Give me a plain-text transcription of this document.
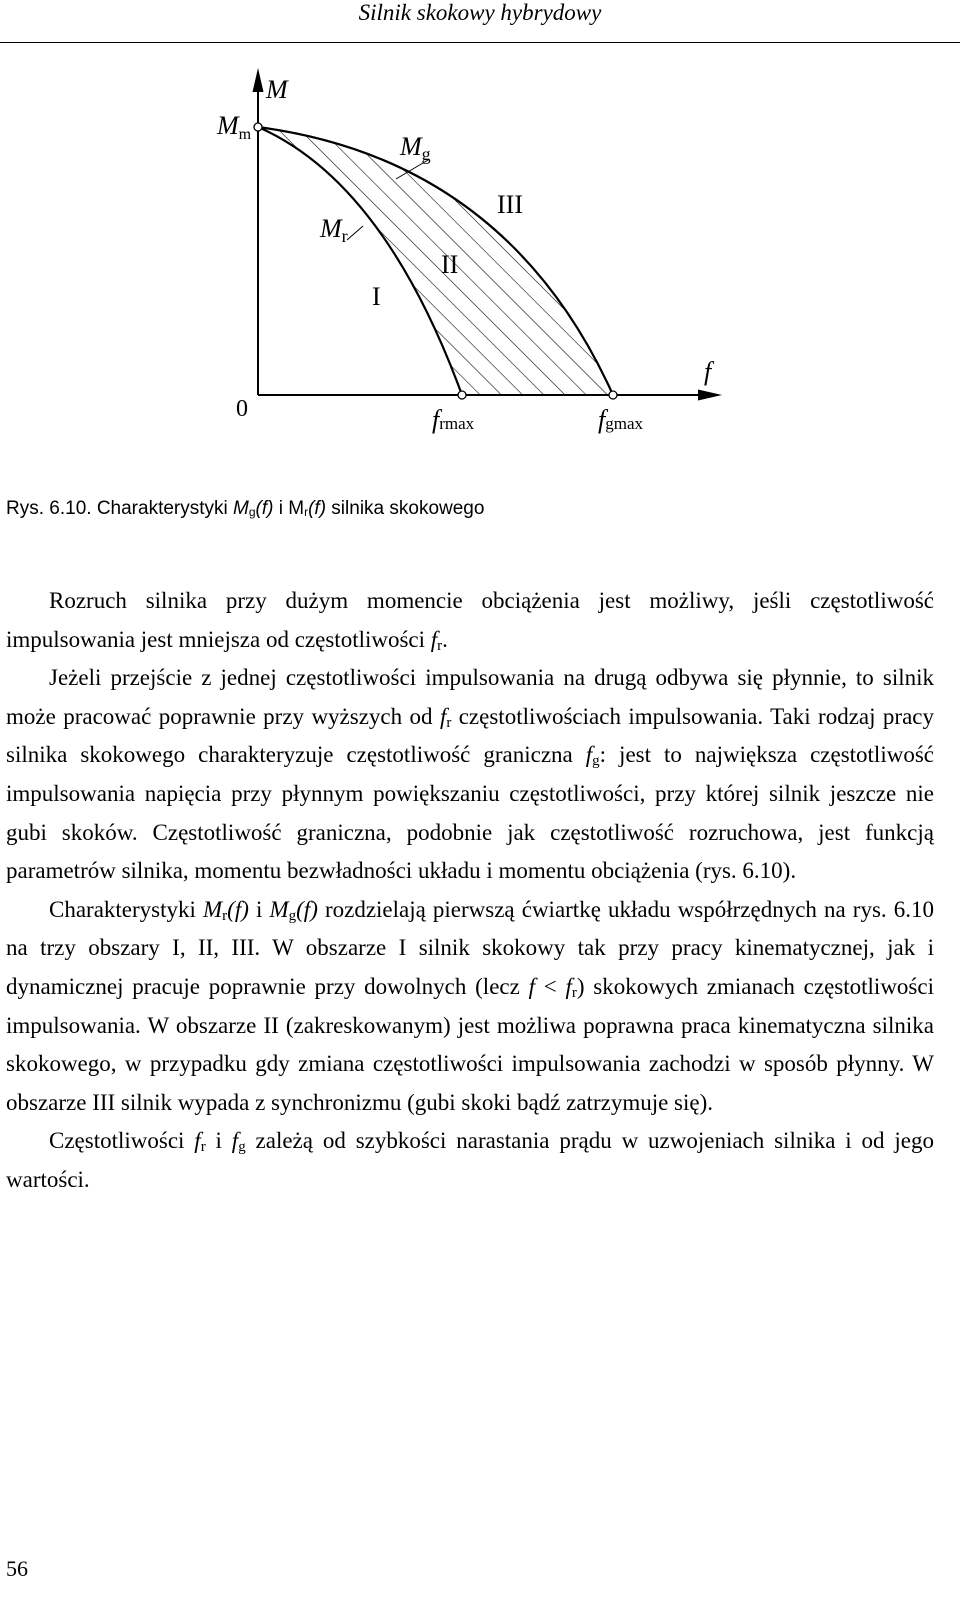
Silnik skokowy hybrydowy
M
f
0
Mm	Mg
Mr
I
II
III
frmax	fgmax
Rys. 6.10. Charakterystyki $M_g(f)$ i $M_r(f)$ silnika skokowego

Rozruch silnika przy dużym momencie obciążenia jest możliwy, jeśli częstotliwość impulsowania jest mniejsza od częstotliwości $f_r$.

Jeżeli przejście z jednej częstotliwości impulsowania na drugą odbywa się płynnie, to silnik może pracować poprawnie przy wyższych od $f_r$ częstotliwościach impulsowania. Taki rodzaj pracy silnika skokowego charakteryzuje częstotliwość graniczna $f_g$: jest to największa częstotliwość impulsowania napięcia przy płynnym powiększaniu częstotliwości, przy której silnik jeszcze nie gubi skoków. Częstotliwość graniczna, podobnie jak częstotliwość rozruchowa, jest funkcją parametrów silnika, momentu bezwładności układu i momentu obciążenia (rys. 6.10).

Charakterystyki $M_r(f)$ i $M_g(f)$ rozdzielają pierwszą ćwiartkę układu współrzędnych na rys. 6.10 na trzy obszary I, II, III. W obszarze I silnik skokowy tak przy pracy kinematycznej, jak i dynamicznej pracuje poprawnie przy dowolnych (lecz $f < f_r$) skokowych zmianach częstotliwości impulsowania. W obszarze II (zakreskowanym) jest możliwa poprawna praca kinematyczna silnika skokowego, w przypadku gdy zmiana częstotliwości impulsowania zachodzi w sposób płynny. W obszarze III silnik wypada z synchronizmu (gubi skoki bądź zatrzymuje się).

Częstotliwości $f_r$ i $f_g$ zależą od szybkości narastania prądu w uzwojeniach silnika i od jego wartości.

56
